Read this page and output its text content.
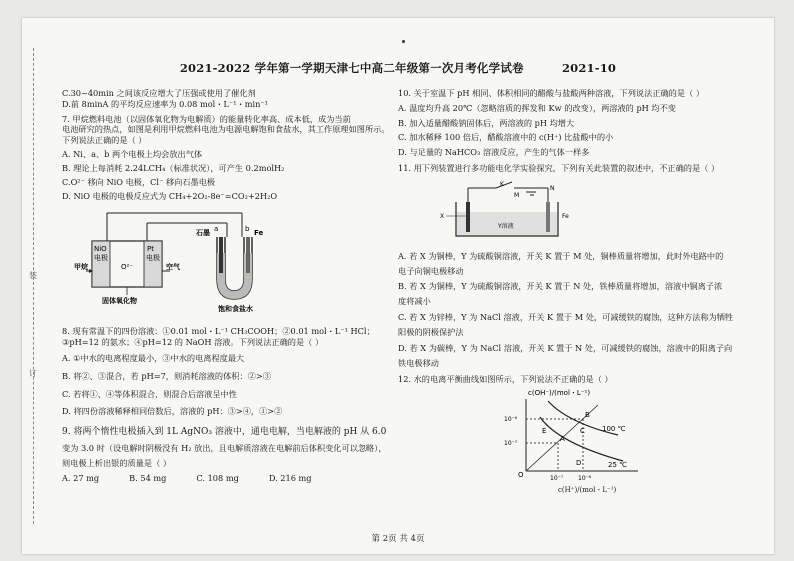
装
订
2021-2022 学年第一学期天津七中高二年级第一次月考化学试卷	2021-10
C.30~40min 之间该反应增大了压强或使用了催化剂
D.前 8minA 的平均反应速率为 0.08 mol・L⁻¹・min⁻¹
7. 甲烷燃料电池（以固体氧化物为电解质）的能量转化率高、成本低，成为当前
电池研究的热点，如图是利用甲烷燃料电池为电源电解饱和食盐水，其工作原理如图所示。
下列说法正确的是（ ）
A. Ni、a、b 两个电极上均会放出气体
B. 理论上每消耗 2.24LCH₄（标准状况），可产生 0.2molH₂
C.O²⁻ 移向 NiO 电极，Cl⁻ 移向石墨电极
D. NiO 电极的电极反应式为 CH₄+2O₂-8e⁻=CO₂+2H₂O
NiO
电极
Pt
电极
O²⁻
甲烷	空气
固体氧化物
石墨	Fe
饱和食盐水
a	b
8. 现有常温下的四份溶液：①0.01 mol・L⁻¹ CH₃COOH；②0.01 mol・L⁻¹ HCl；
③pH=12 的氨水；④pH=12 的 NaOH 溶液。下列说法正确的是（ ）
A. ①中水的电离程度最小，③中水的电离程度最大
B. 将②、③混合，若 pH=7，则消耗溶液的体积：②>③
C. 若将①、④等体积混合，则混合后溶液呈中性
D. 将四份溶液稀释相同倍数后，溶液的 pH：③>④，①>②
9. 将两个惰性电极插入到 1L AgNO₃ 溶液中，通电电解，当电解液的 pH 从 6.0
变为 3.0 时（设电解时阴极没有 H₂ 放出，且电解质溶液在电解前后体积变化可以忽略），
则电极上析出银的质量是（ ）
A. 27 mg	B. 54 mg	C. 108 mg	D. 216 mg
10. 关于室温下 pH 相同、体积相同的醋酸与盐酸两种溶液，下列说法正确的是（ ）
A. 温度均升高 20℃（忽略溶质的挥发和 Kw 的改变），两溶液的 pH 均不变
B. 加入适量醋酸钠固体后，两溶液的 pH 均增大
C. 加水稀释 100 倍后，醋酸溶液中的 c(H⁺) 比盐酸中的小
D. 与足量的 NaHCO₃ 溶液反应，产生的气体一样多
11. 用下列装置进行多功能电化学实验探究，下列有关此装置的叙述中，不正确的是（ ）
K
M
N
X
Y溶液
Fe
A. 若 X 为铜棒，Y 为硫酸铜溶液，开关 K 置于 M 处，铜棒质量将增加，此时外电路中的
电子向铜电极移动
B. 若 X 为铜棒，Y 为硫酸铜溶液，开关 K 置于 N 处，铁棒质量将增加，溶液中铜离子浓
度将减小
C. 若 X 为锌棒，Y 为 NaCl 溶液，开关 K 置于 M 处，可减缓铁的腐蚀，这种方法称为牺牲
阳极的阴极保护法
D. 若 X 为碳棒，Y 为 NaCl 溶液，开关 K 置于 N 处，可减缓铁的腐蚀，溶液中的阳离子向
铁电极移动
12. 水的电离平衡曲线如图所示，下列说法不正确的是（ ）
c(OH⁻)/(mol・L⁻¹)
O
10⁻⁶
10⁻⁷
100 ℃
25 ℃
A
B
C
D
E
10⁻⁷ 10⁻⁶
c(H⁺)/(mol・L⁻¹)
第 2页 共 4页
